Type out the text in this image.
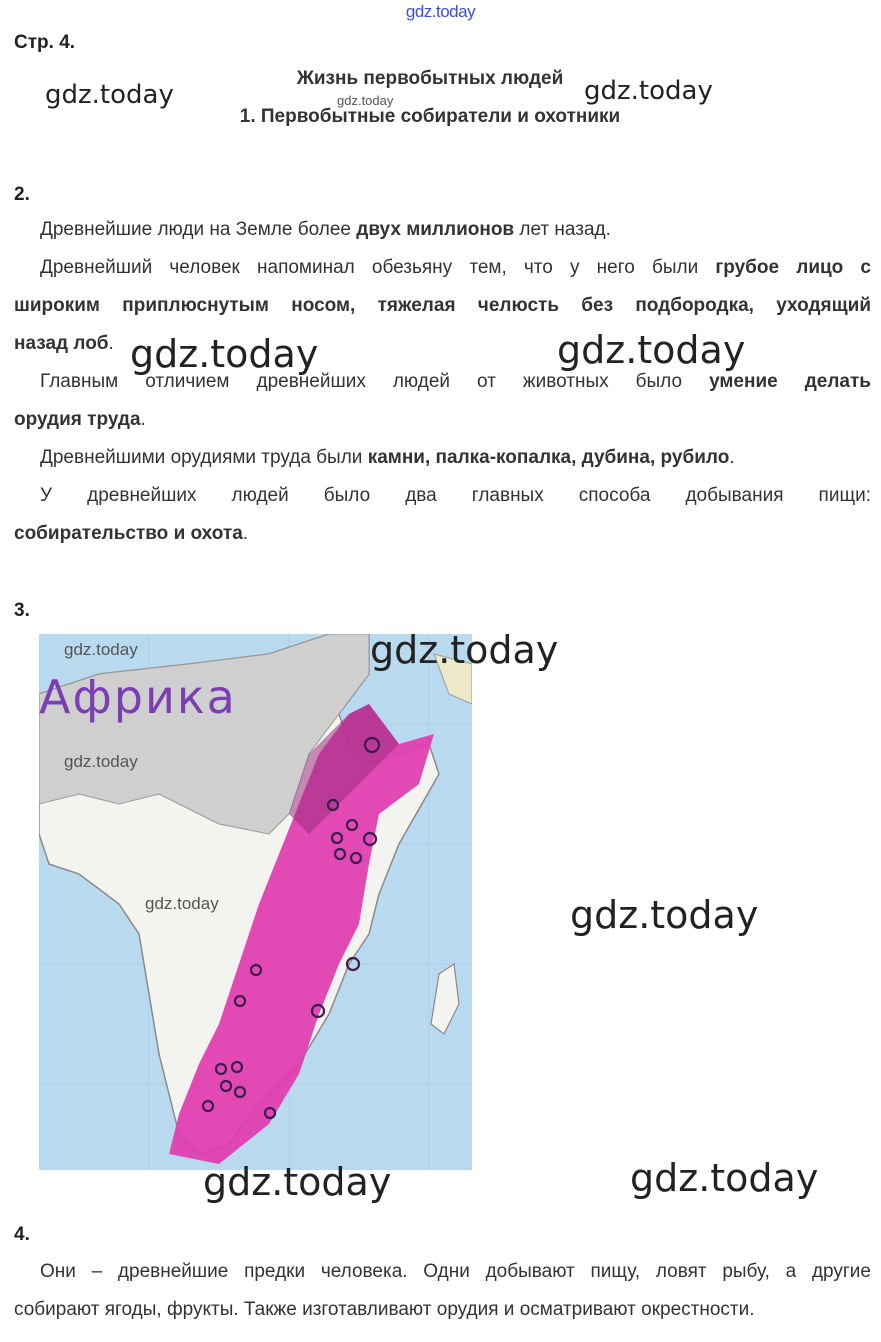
gdz.today
Стр. 4.
Жизнь первобытных людей
1. Первобытные собиратели и охотники
gdz.today	gdz.today	gdz.today
2.
Древнейшие люди на Земле более двух миллионов лет назад.
Древнейший человек напоминал обезьяну тем, что у него были грубое лицо с
широким приплюснутым носом, тяжелая челюсть без подбородка, уходящий
назад лоб.
Главным отличием древнейших людей от животных было умение делать
орудия труда.
Древнейшими орудиями труда были камни, палка-копалка, дубина, рубило.
У древнейших людей было два главных способа добывания пищи:
собирательство и охота.
gdz.today	gdz.today
3.
Африка
gdz.today
gdz.today
gdz.today
gdz.today
gdz.today
gdz.today	gdz.today
4.
Они – древнейшие предки человека. Одни добывают пищу, ловят рыбу, а другие
собирают ягоды, фрукты. Также изготавливают орудия и осматривают окрестности.
